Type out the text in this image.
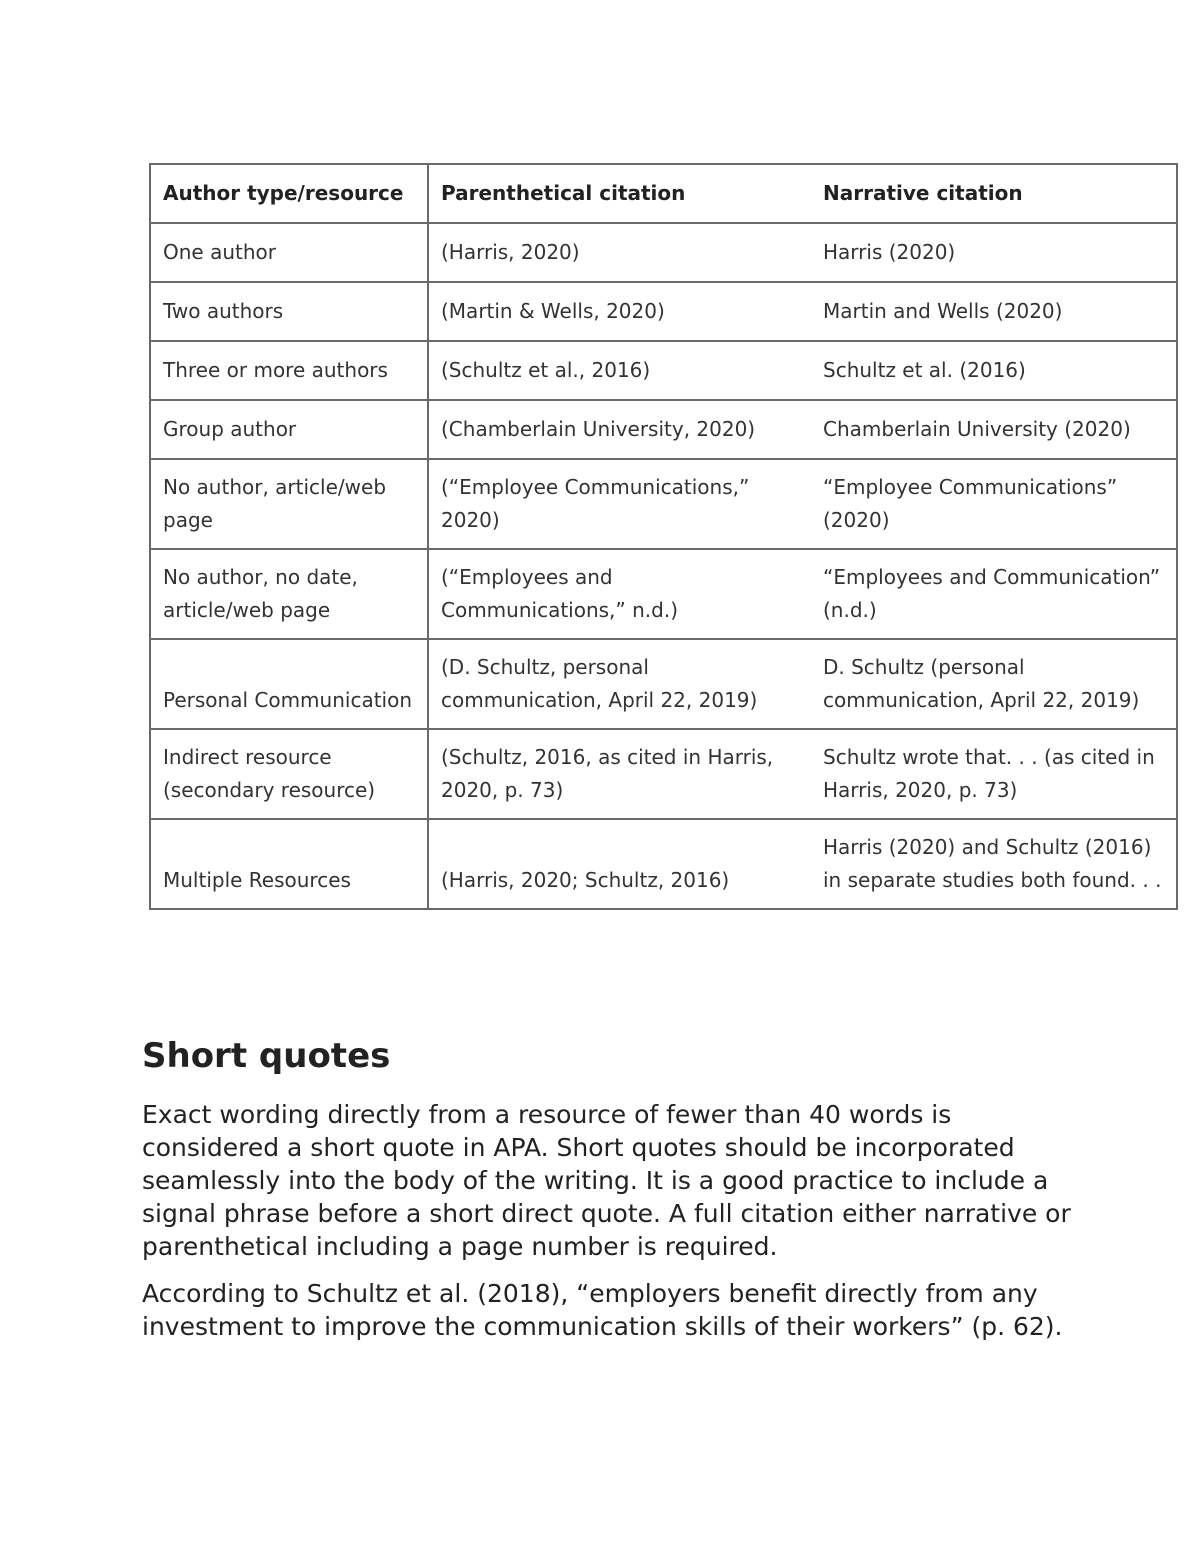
Author type/resource	Parenthetical citation	Narrative citation
One author	(Harris, 2020)	Harris (2020)
Two authors	(Martin & Wells, 2020)	Martin and Wells (2020)
Three or more authors	(Schultz et al., 2016)	Schultz et al. (2016)
Group author	(Chamberlain University, 2020)	Chamberlain University (2020)
No author, article/web page	(“Employee Communications,” 2020)	“Employee Communications” (2020)
No author, no date, article/web page	(“Employees and Communications,” n.d.)	“Employees and Communication” (n.d.)
Personal Communication	(D. Schultz, personal communication, April 22, 2019)	D. Schultz (personal communication, April 22, 2019)
Indirect resource (secondary resource)	(Schultz, 2016, as cited in Harris, 2020, p. 73)	Schultz wrote that. . . (as cited in Harris, 2020, p. 73)
Multiple Resources	(Harris, 2020; Schultz, 2016)	Harris (2020) and Schultz (2016) in separate studies both found. . .
Short quotes

Exact wording directly from a resource of fewer than 40 words is considered a short quote in APA. Short quotes should be incorporated seamlessly into the body of the writing. It is a good practice to include a signal phrase before a short direct quote. A full citation either narrative or parenthetical including a page number is required.

According to Schultz et al. (2018), “employers benefit directly from any investment to improve the communication skills of their workers” (p. 62).
